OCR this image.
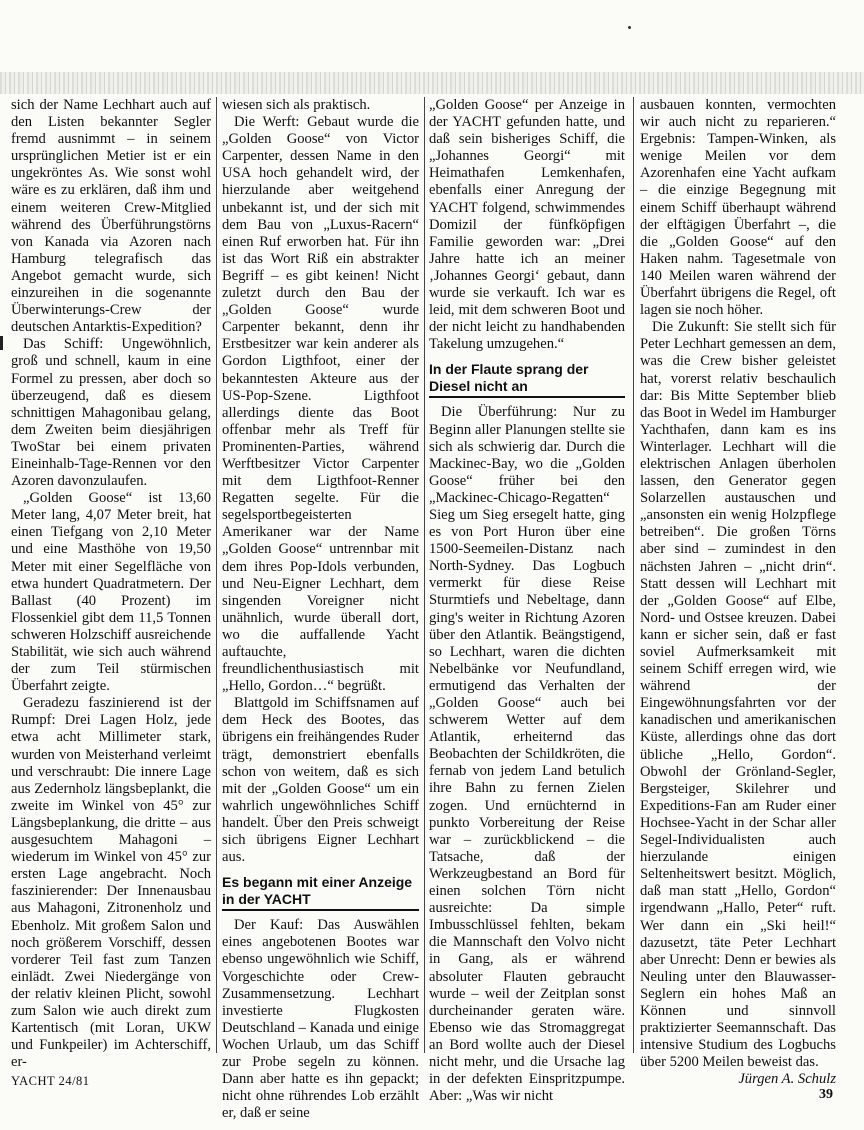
sich der Name Lechhart auch auf den Listen bekannter Segler fremd ausnimmt – in seinem ursprünglichen Metier ist er ein ungekröntes As. Wie sonst wohl wäre es zu erklären, daß ihm und einem weiteren Crew-Mitglied während des Überführungstörns von Kanada via Azoren nach Hamburg telegrafisch das Angebot gemacht wurde, sich einzureihen in die sogenannte Überwinterungs-Crew der deutschen Antarktis-Expedition?

Das Schiff: Ungewöhnlich, groß und schnell, kaum in eine Formel zu pressen, aber doch so überzeugend, daß es diesem schnittigen Mahagonibau gelang, dem Zweiten beim diesjährigen TwoStar bei einem privaten Eineinhalb-Tage-Rennen vor den Azoren davonzulaufen.

„Golden Goose“ ist 13,60 Meter lang, 4,07 Meter breit, hat einen Tiefgang von 2,10 Meter und eine Masthöhe von 19,50 Meter mit einer Segelfläche von etwa hundert Quadratmetern. Der Ballast (40 Prozent) im Flossenkiel gibt dem 11,5 Tonnen schweren Holzschiff ausreichende Stabilität, wie sich auch während der zum Teil stürmischen Überfahrt zeigte.

Geradezu faszinierend ist der Rumpf: Drei Lagen Holz, jede etwa acht Millimeter stark, wurden von Meisterhand verleimt und verschraubt: Die innere Lage aus Zedernholz längsbeplankt, die zweite im Winkel von 45° zur Längsbeplankung, die dritte – aus ausgesuchtem Mahagoni – wiederum im Winkel von 45° zur ersten Lage angebracht. Noch faszinierender: Der Innenausbau aus Mahagoni, Zitronenholz und Ebenholz. Mit großem Salon und noch größerem Vorschiff, dessen vorderer Teil fast zum Tanzen einlädt. Zwei Niedergänge von der relativ kleinen Plicht, sowohl zum Salon wie auch direkt zum Kartentisch (mit Loran, UKW und Funkpeiler) im Achterschiff, er-

wiesen sich als praktisch.

Die Werft: Gebaut wurde die „Golden Goose“ von Victor Carpenter, dessen Name in den USA hoch gehandelt wird, der hierzulande aber weitgehend unbekannt ist, und der sich mit dem Bau von „Luxus-Racern“ einen Ruf erworben hat. Für ihn ist das Wort Riß ein abstrakter Begriff – es gibt keinen! Nicht zuletzt durch den Bau der „Golden Goose“ wurde Carpenter bekannt, denn ihr Erstbesitzer war kein anderer als Gordon Ligthfoot, einer der bekanntesten Akteure aus der US-Pop-Szene. Ligthfoot allerdings diente das Boot offenbar mehr als Treff für Prominenten-Parties, während Werftbesitzer Victor Carpenter mit dem Ligthfoot-Renner Regatten segelte. Für die segelsportbegeisterten Amerikaner war der Name „Golden Goose“ untrennbar mit dem ihres Pop-Idols verbunden, und Neu-Eigner Lechhart, dem singenden Voreigner nicht unähnlich, wurde überall dort, wo die auffallende Yacht auftauchte, freundlichenthusiastisch mit „Hello, Gordon…“ begrüßt.

Blattgold im Schiffsnamen auf dem Heck des Bootes, das übrigens ein freihängendes Ruder trägt, demonstriert ebenfalls schon von weitem, daß es sich mit der „Golden Goose“ um ein wahrlich ungewöhnliches Schiff handelt. Über den Preis schweigt sich übrigens Eigner Lechhart aus.

Es begann mit einer Anzeige in der YACHT

Der Kauf: Das Auswählen eines angebotenen Bootes war ebenso ungewöhnlich wie Schiff, Vorgeschichte oder Crew-Zusammensetzung. Lechhart investierte Flugkosten Deutschland – Kanada und einige Wochen Urlaub, um das Schiff zur Probe segeln zu können. Dann aber hatte es ihn gepackt; nicht ohne rührendes Lob erzählt er, daß er seine

„Golden Goose“ per Anzeige in der YACHT gefunden hatte, und daß sein bisheriges Schiff, die „Johannes Georgi“ mit Heimathafen Lemkenhafen, ebenfalls einer Anregung der YACHT folgend, schwimmendes Domizil der fünfköpfigen Familie geworden war: „Drei Jahre hatte ich an meiner ‚Johannes Georgi‘ gebaut, dann wurde sie verkauft. Ich war es leid, mit dem schweren Boot und der nicht leicht zu handhabenden Takelung umzugehen.“

In der Flaute sprang der Diesel nicht an

Die Überführung: Nur zu Beginn aller Planungen stellte sie sich als schwierig dar. Durch die Mackinec-Bay, wo die „Golden Goose“ früher bei den „Mackinec-Chicago-Regatten“ Sieg um Sieg ersegelt hatte, ging es von Port Huron über eine 1500-Seemeilen-Distanz nach North-Sydney. Das Logbuch vermerkt für diese Reise Sturmtiefs und Nebeltage, dann ging's weiter in Richtung Azoren über den Atlantik. Beängstigend, so Lechhart, waren die dichten Nebelbänke vor Neufundland, ermutigend das Verhalten der „Golden Goose“ auch bei schwerem Wetter auf dem Atlantik, erheiternd das Beobachten der Schildkröten, die fernab von jedem Land betulich ihre Bahn zu fernen Zielen zogen. Und ernüchternd in punkto Vorbereitung der Reise war – zurückblickend – die Tatsache, daß der Werkzeugbestand an Bord für einen solchen Törn nicht ausreichte: Da simple Imbusschlüssel fehlten, bekam die Mannschaft den Volvo nicht in Gang, als er während absoluter Flauten gebraucht wurde – weil der Zeitplan sonst durcheinander geraten wäre. Ebenso wie das Stromaggregat an Bord wollte auch der Diesel nicht mehr, und die Ursache lag in der defekten Einspritzpumpe. Aber: „Was wir nicht

ausbauen konnten, vermochten wir auch nicht zu reparieren.“ Ergebnis: Tampen-Winken, als wenige Meilen vor dem Azorenhafen eine Yacht aufkam – die einzige Begegnung mit einem Schiff überhaupt während der elftägigen Überfahrt –, die die „Golden Goose“ auf den Haken nahm. Tagesetmale von 140 Meilen waren während der Überfahrt übrigens die Regel, oft lagen sie noch höher.

Die Zukunft: Sie stellt sich für Peter Lechhart gemessen an dem, was die Crew bisher geleistet hat, vorerst relativ beschaulich dar: Bis Mitte September blieb das Boot in Wedel im Hamburger Yachthafen, dann kam es ins Winterlager. Lechhart will die elektrischen Anlagen überholen lassen, den Generator gegen Solarzellen austauschen und „ansonsten ein wenig Holzpflege betreiben“. Die großen Törns aber sind – zumindest in den nächsten Jahren – „nicht drin“. Statt dessen will Lechhart mit der „Golden Goose“ auf Elbe, Nord- und Ostsee kreuzen. Dabei kann er sicher sein, daß er fast soviel Aufmerksamkeit mit seinem Schiff erregen wird, wie während der Eingewöhnungsfahrten vor der kanadischen und amerikanischen Küste, allerdings ohne das dort übliche „Hello, Gordon“. Obwohl der Grönland-Segler, Bergsteiger, Skilehrer und Expeditions-Fan am Ruder einer Hochsee-Yacht in der Schar aller Segel-Individualisten auch hierzulande einigen Seltenheitswert besitzt. Möglich, daß man statt „Hello, Gordon“ irgendwann „Hallo, Peter“ ruft. Wer dann ein „Ski heil!“ dazusetzt, täte Peter Lechhart aber Unrecht: Denn er bewies als Neuling unter den Blauwasser-Seglern ein hohes Maß an Können und sinnvoll praktizierter Seemannschaft. Das intensive Studium des Logbuchs über 5200 Meilen beweist das.

Jürgen A. Schulz

YACHT 24/81
39
